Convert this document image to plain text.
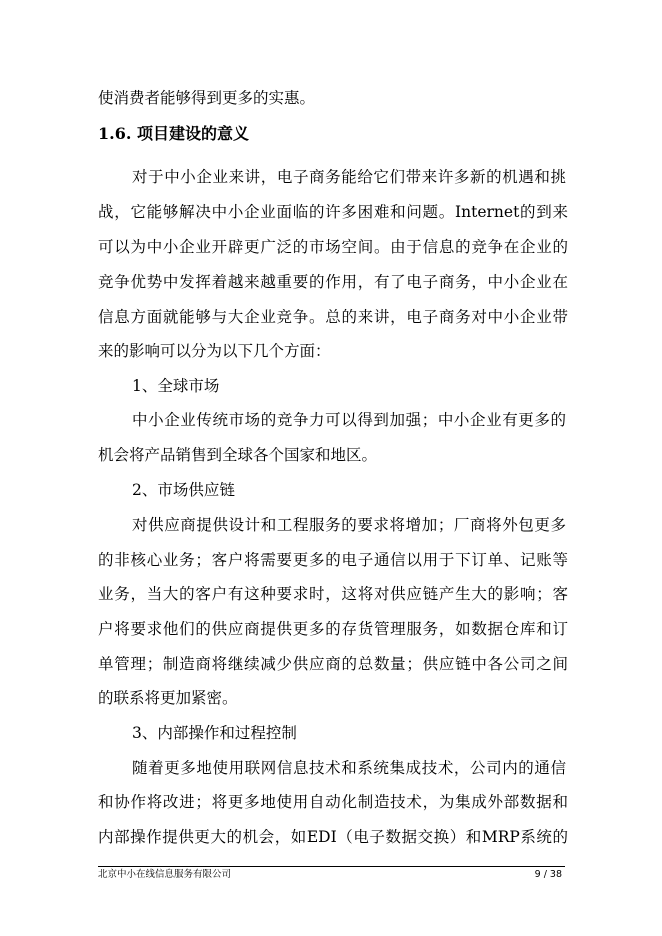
使消费者能够得到更多的实惠。
1.6. 项目建设的意义
对于中小企业来讲，电子商务能给它们带来许多新的机遇和挑
战，它能够解决中小企业面临的许多困难和问题。Internet的到来
可以为中小企业开辟更广泛的市场空间。由于信息的竞争在企业的
竞争优势中发挥着越来越重要的作用，有了电子商务，中小企业在
信息方面就能够与大企业竞争。总的来讲，电子商务对中小企业带
来的影响可以分为以下几个方面：
1、全球市场
中小企业传统市场的竞争力可以得到加强；中小企业有更多的
机会将产品销售到全球各个国家和地区。
2、市场供应链
对供应商提供设计和工程服务的要求将增加；厂商将外包更多
的非核心业务；客户将需要更多的电子通信以用于下订单、记账等
业务，当大的客户有这种要求时，这将对供应链产生大的影响；客
户将要求他们的供应商提供更多的存货管理服务，如数据仓库和订
单管理；制造商将继续减少供应商的总数量；供应链中各公司之间
的联系将更加紧密。
3、内部操作和过程控制
随着更多地使用联网信息技术和系统集成技术，公司内的通信
和协作将改进；将更多地使用自动化制造技术，为集成外部数据和
内部操作提供更大的机会，如EDI（电子数据交换）和MRP系统的
北京中小在线信息服务有限公司	9 / 38
